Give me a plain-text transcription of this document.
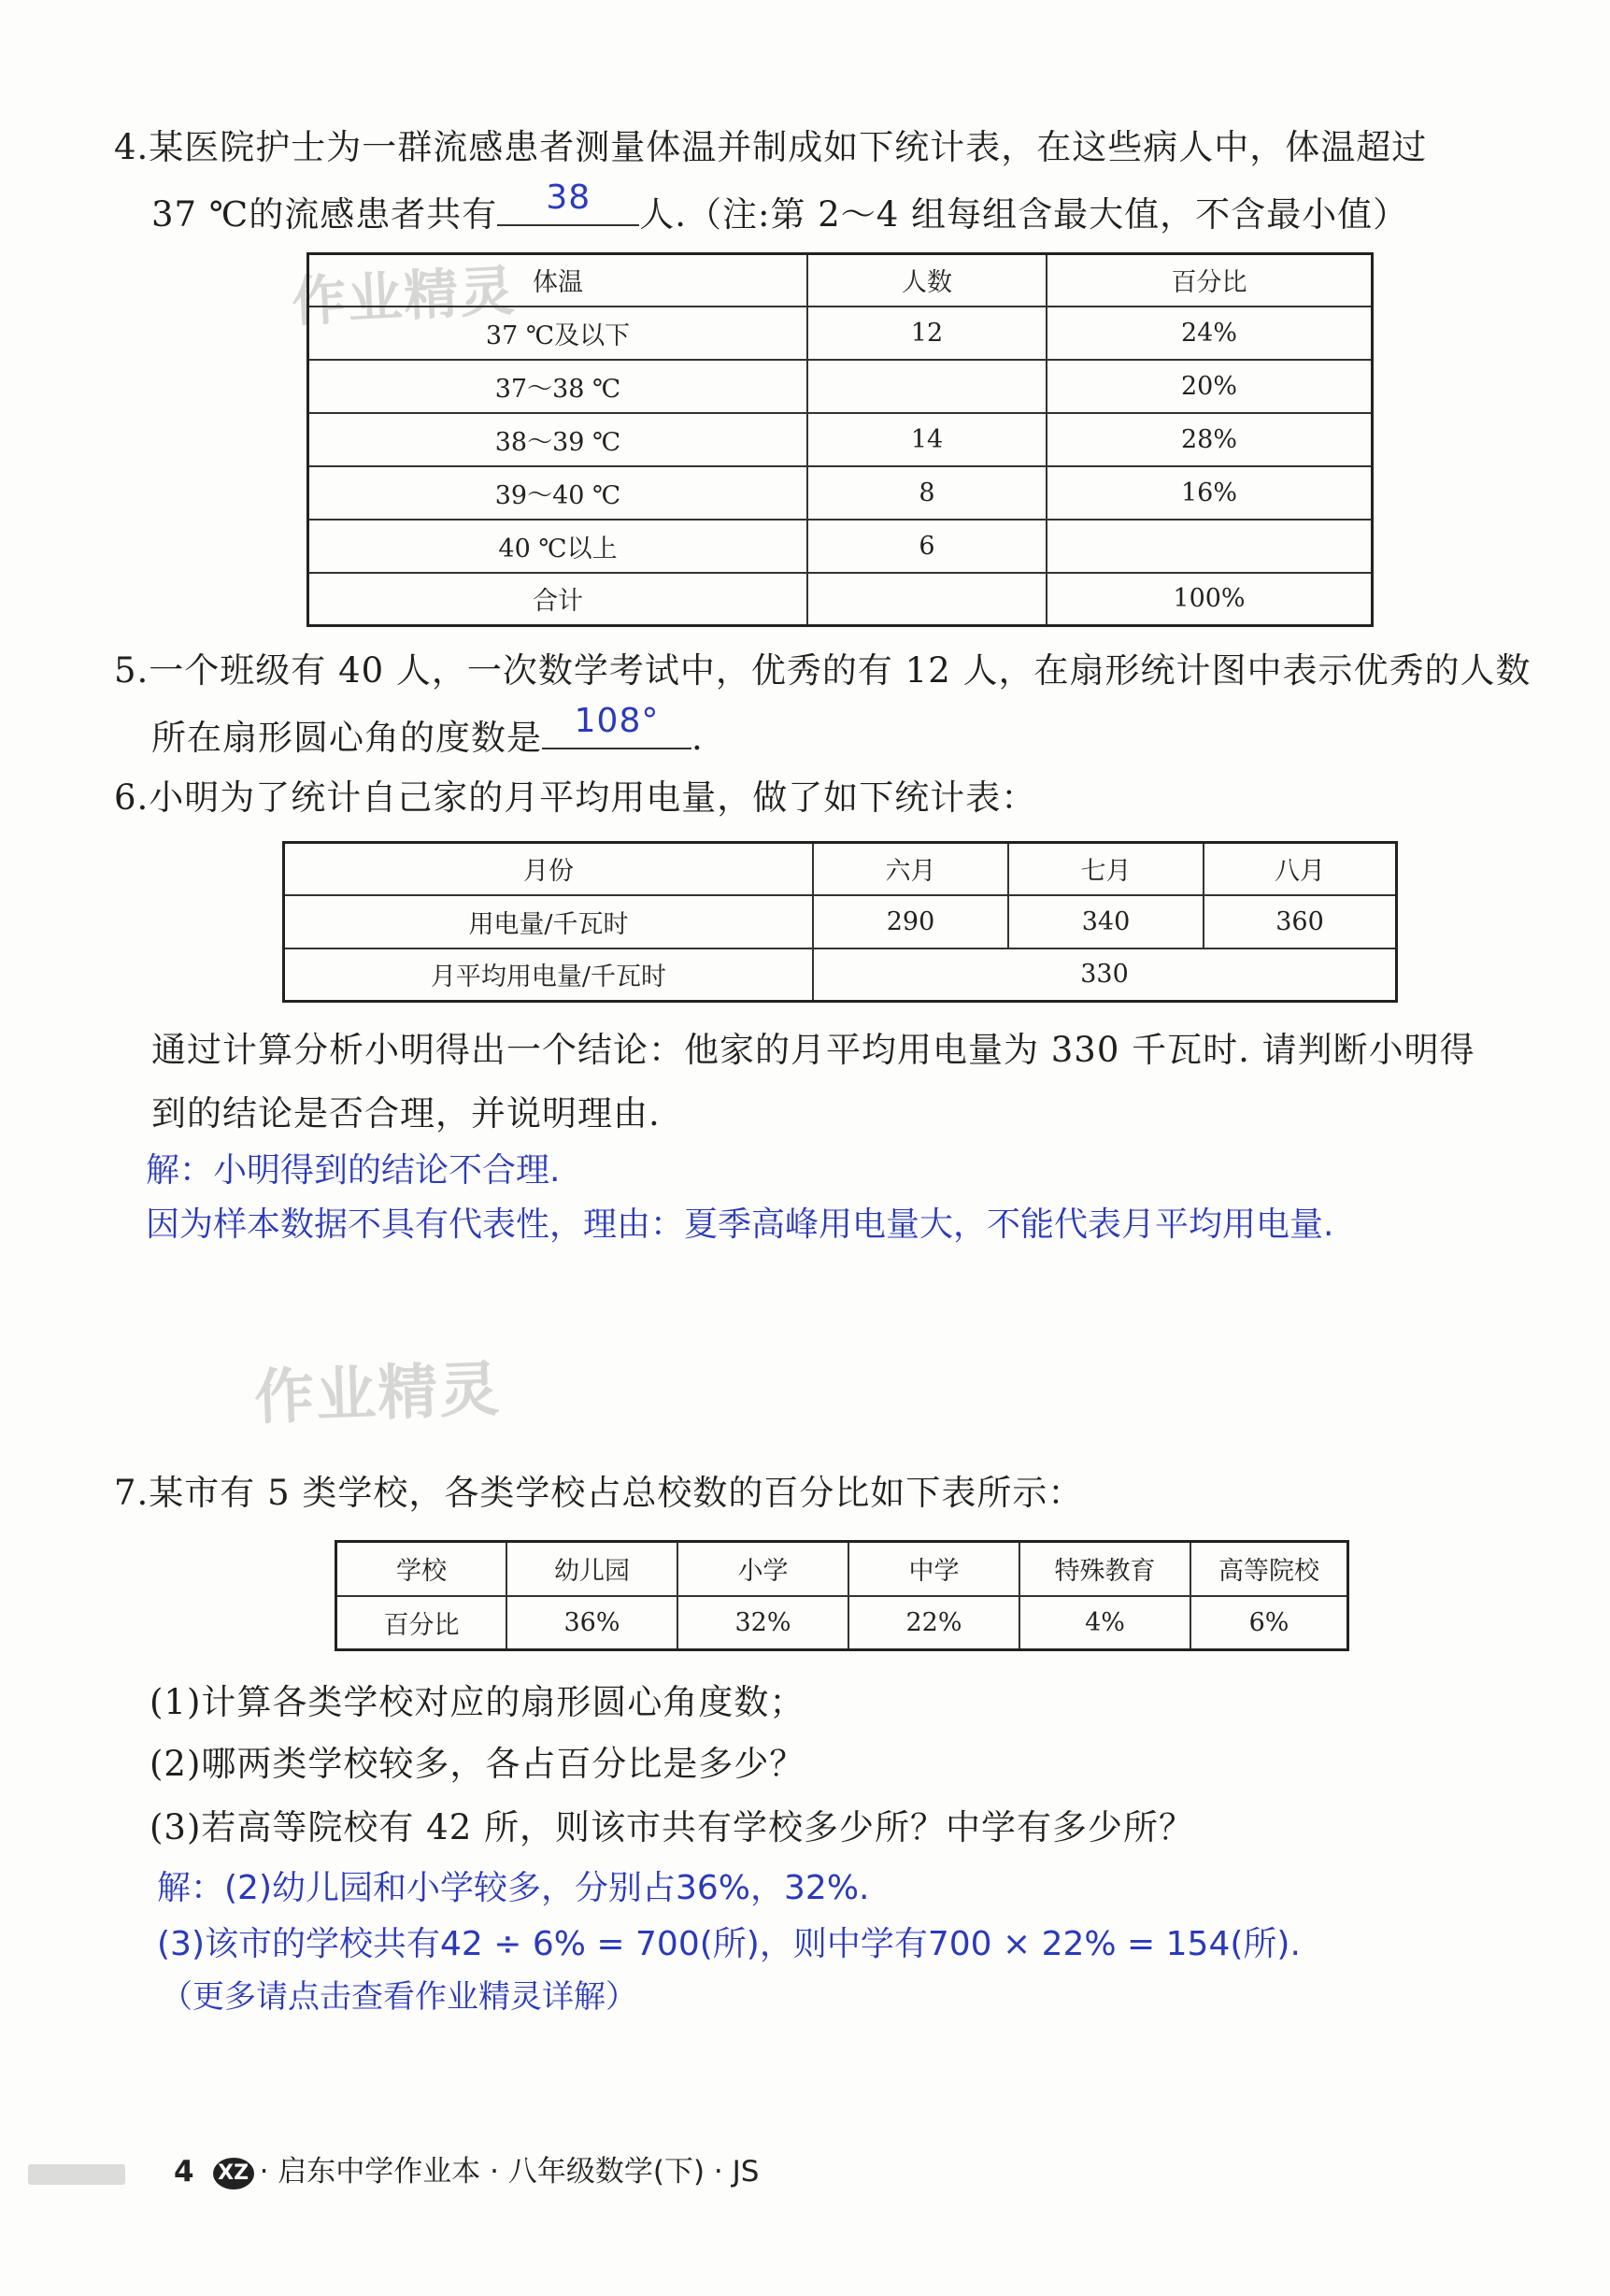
作业精灵
作业精灵
4.某医院护士为一群流感患者测量体温并制成如下统计表，在这些病人中，体温超过
37 ℃的流感患者共有	38	人.（注:第 2～4 组每组含最大值，不含最小值）
体温	人数	百分比
37 ℃及以下	12	24%
37～38 ℃		20%
38～39 ℃	14	28%
39～40 ℃	8	16%
40 ℃以上	6	
合计		100%
5.一个班级有 40 人，一次数学考试中，优秀的有 12 人，在扇形统计图中表示优秀的人数
所在扇形圆心角的度数是 108° .
6.小明为了统计自己家的月平均用电量，做了如下统计表：
月份	六月	七月	八月
用电量/千瓦时	290	340	360
月平均用电量/千瓦时	330		
通过计算分析小明得出一个结论：他家的月平均用电量为 330 千瓦时. 请判断小明得
到的结论是否合理，并说明理由.
解：小明得到的结论不合理.
因为样本数据不具有代表性，理由：夏季高峰用电量大，不能代表月平均用电量.
7.某市有 5 类学校，各类学校占总校数的百分比如下表所示：
学校	幼儿园	小学	中学	特殊教育	高等院校
百分比	36%	32%	22%	4%	6%
(1)计算各类学校对应的扇形圆心角度数；
(2)哪两类学校较多，各占百分比是多少？
(3)若高等院校有 42 所，则该市共有学校多少所？中学有多少所？
解：(2)幼儿园和小学较多，分别占36%，32%.
(3)该市的学校共有42 ÷ 6% = 700(所)，则中学有700 × 22% = 154(所).
（更多请点击查看作业精灵详解）
4 XZ · 启东中学作业本 · 八年级数学(下) · JS
